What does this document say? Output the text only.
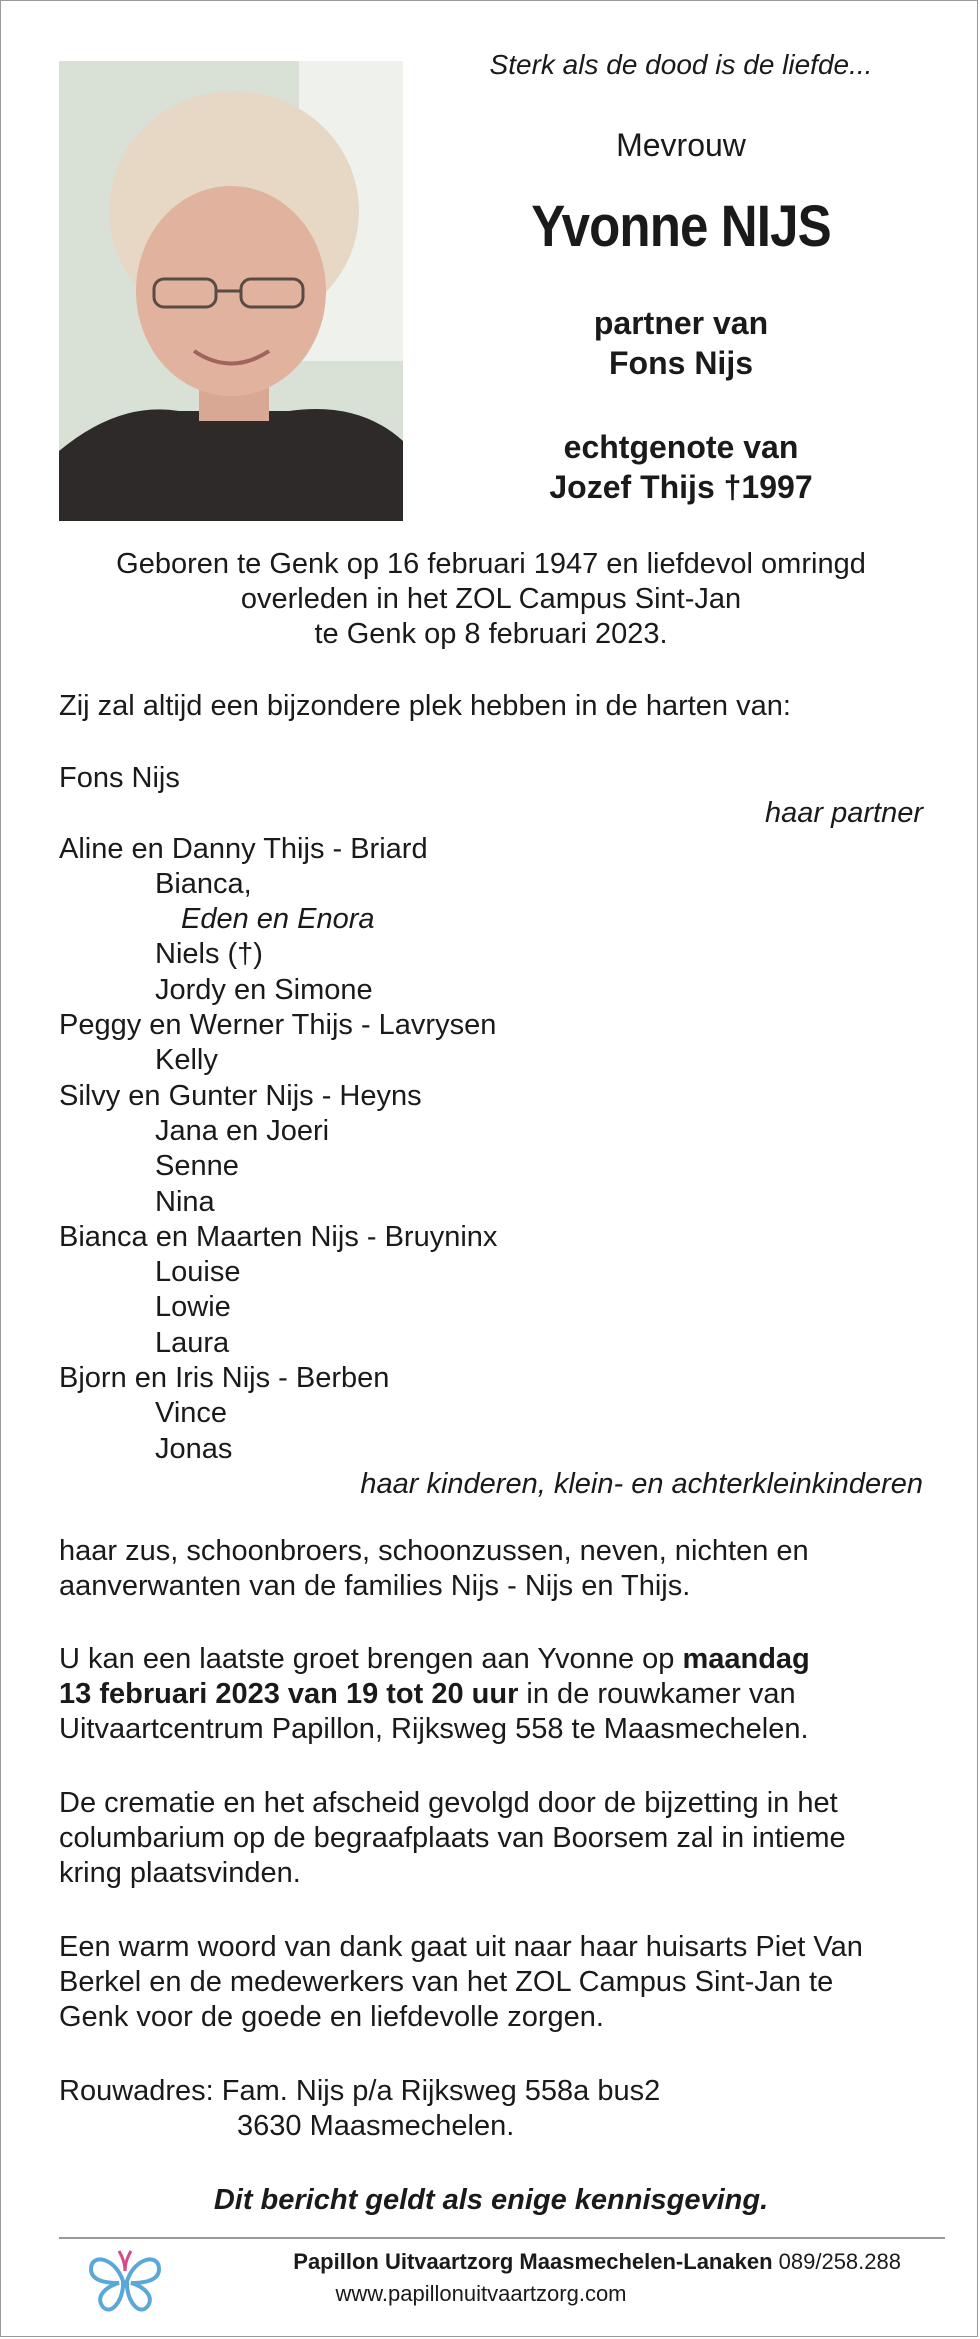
Sterk als de dood is de liefde...
Mevrouw
Yvonne NIJS
partner van
Fons Nijs
echtgenote van
Jozef Thijs †1997
Geboren te Genk op 16 februari 1947 en liefdevol omringd
overleden in het ZOL Campus Sint-Jan
te Genk op 8 februari 2023.
Zij zal altijd een bijzondere plek hebben in de harten van:
Fons Nijs
haar partner
Aline en Danny Thijs - Briard
Bianca,
Eden en Enora
Niels (†)
Jordy en Simone
Peggy en Werner Thijs - Lavrysen
Kelly
Silvy en Gunter Nijs - Heyns
Jana en Joeri
Senne
Nina
Bianca en Maarten Nijs - Bruyninx
Louise
Lowie
Laura
Bjorn en Iris Nijs - Berben
Vince
Jonas
haar kinderen, klein- en achterkleinkinderen
haar zus, schoonbroers, schoonzussen, neven, nichten en
aanverwanten van de families Nijs - Nijs en Thijs.
U kan een laatste groet brengen aan Yvonne op maandag
13 februari 2023 van 19 tot 20 uur in de rouwkamer van
Uitvaartcentrum Papillon, Rijksweg 558 te Maasmechelen.
De crematie en het afscheid gevolgd door de bijzetting in het
columbarium op de begraafplaats van Boorsem zal in intieme
kring plaatsvinden.
Een warm woord van dank gaat uit naar haar huisarts Piet Van
Berkel en de medewerkers van het ZOL Campus Sint-Jan te
Genk voor de goede en liefdevolle zorgen.
Rouwadres: Fam. Nijs p/a Rijksweg 558a bus2
3630 Maasmechelen.
Dit bericht geldt als enige kennisgeving.
Papillon Uitvaartzorg Maasmechelen-Lanaken 089/258.288
www.papillonuitvaartzorg.com
